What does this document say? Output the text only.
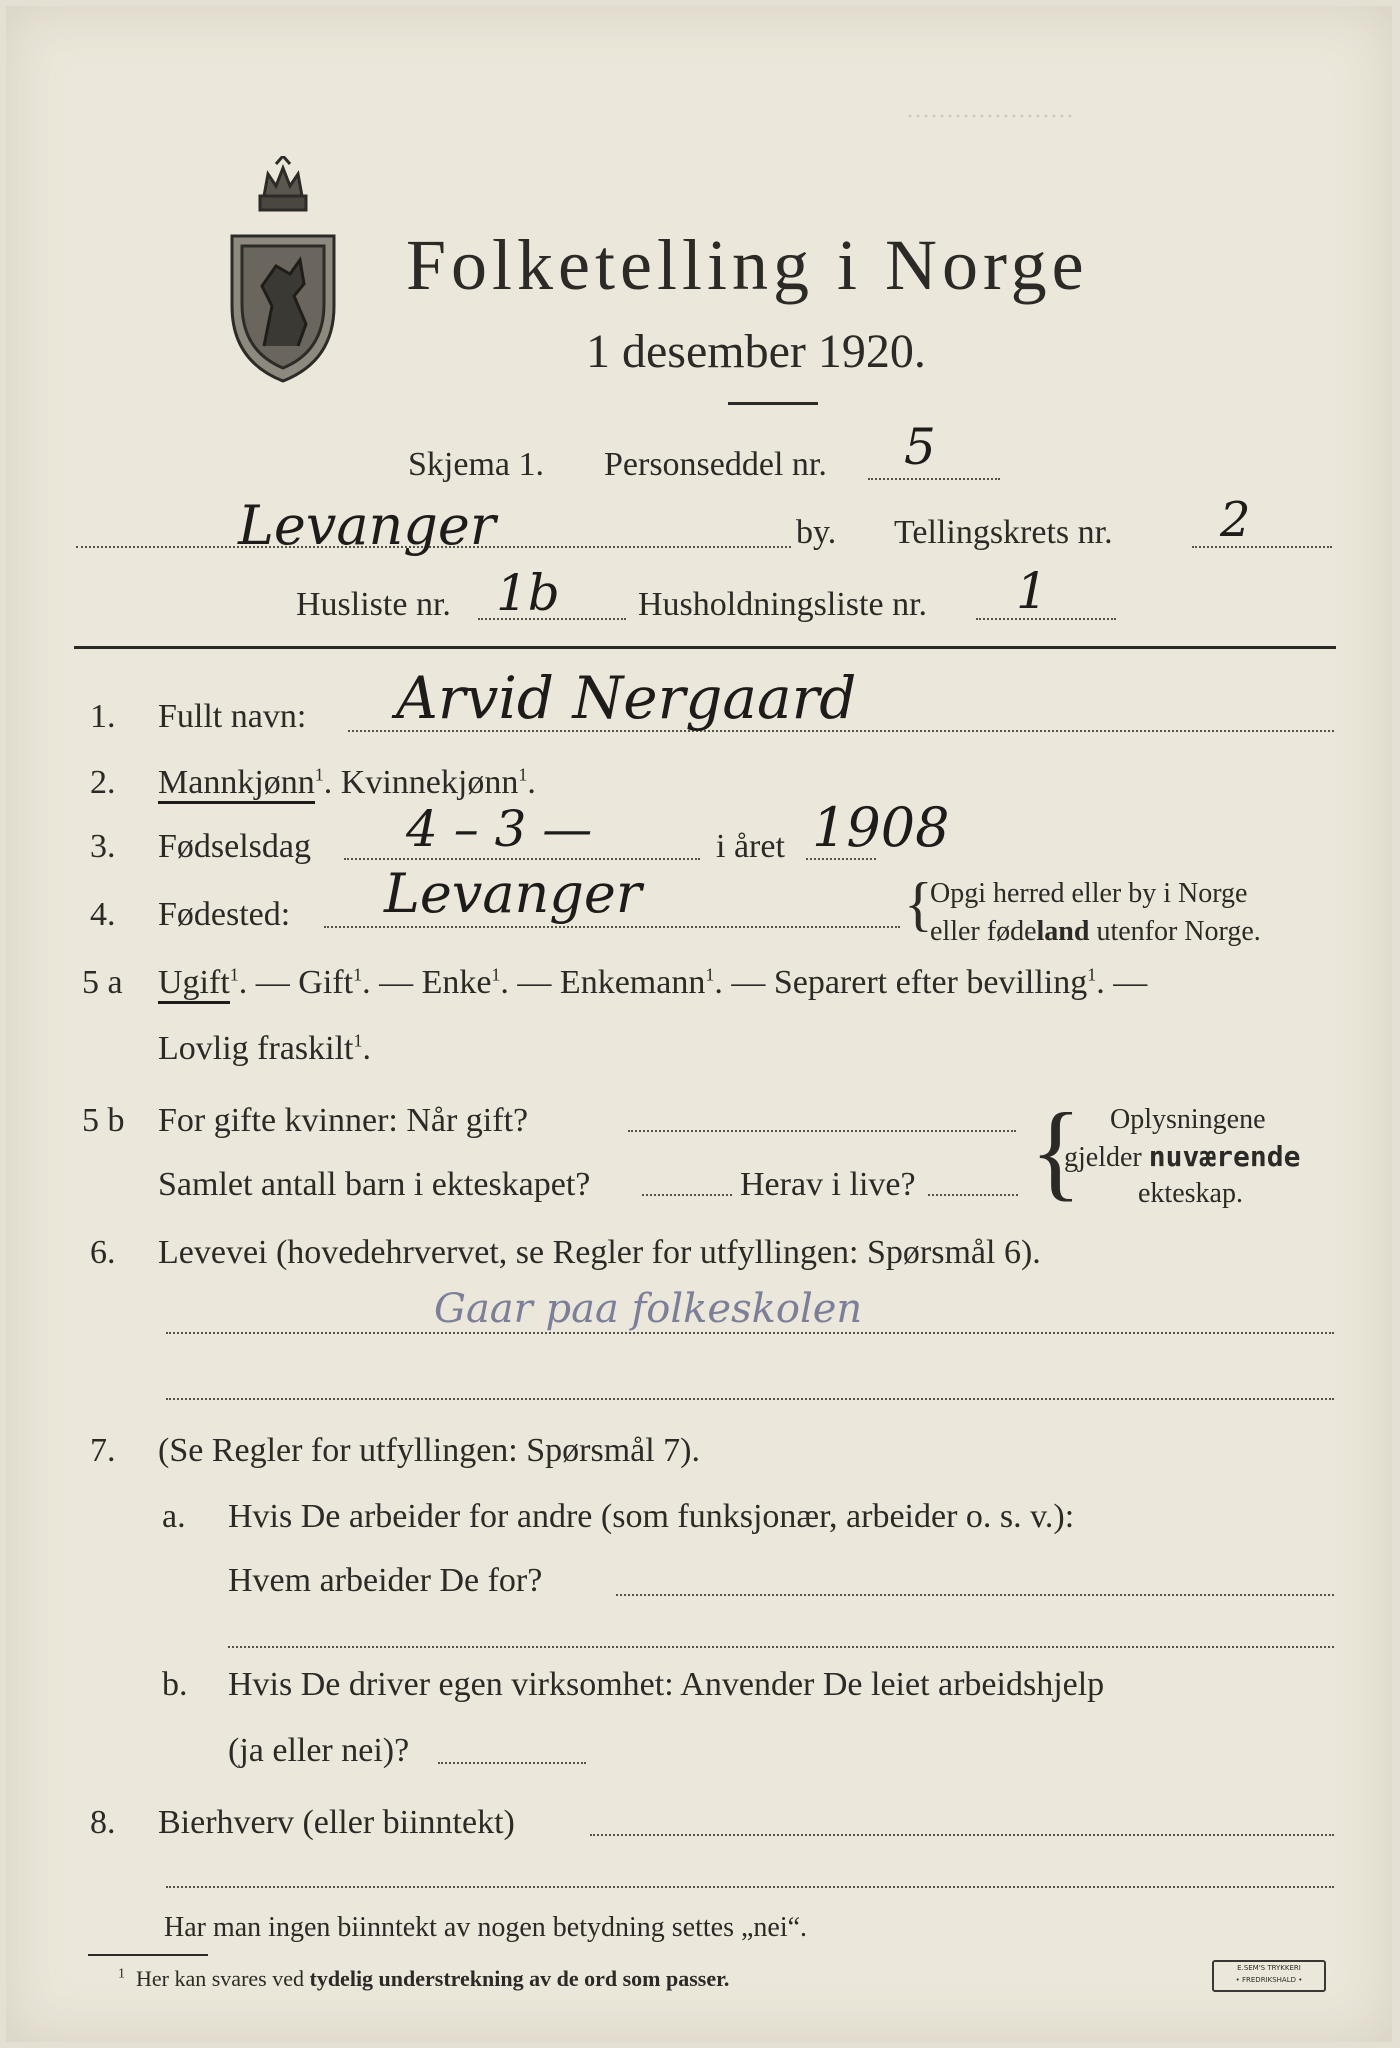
·····················
Folketelling i Norge
1 desember 1920.
Skjema 1. Personseddel nr. 5
Levanger	by. Tellingskrets nr. 2
Husliste nr. 1b Husholdningsliste nr. 1
1. Fullt navn: Arvid Nergaard
2. Mannkjønn$^1$. Kvinnekjønn$^1$.
3. Fødselsdag 4 – 3 —	i året 1908
4. Fødested: Levanger	{
Opgi herred eller by i Norge
eller fødeland utenfor Norge.
5 a Ugift$^1$. — Gift$^1$. — Enke$^1$. — Enkemann$^1$. — Separert efter bevilling$^1$. —
Lovlig fraskilt$^1$.
5 b For gifte kvinner: Når gift?
Samlet antall barn i ekteskapet?	Herav i live? { Oplysningene
gjelder nuværende
ekteskap.
6. Levevei (hovedehrvervet, se Regler for utfyllingen: Spørsmål 6).
Gaar paa folkeskolen
7. (Se Regler for utfyllingen: Spørsmål 7).
a. Hvis De arbeider for andre (som funksjonær, arbeider o. s. v.):
Hvem arbeider De for?
b. Hvis De driver egen virksomhet: Anvender De leiet arbeidshjelp
(ja eller nei)?
8. Bierhverv (eller biinntekt)
Har man ingen biinntekt av nogen betydning settes „nei“.
$^1$ Her kan svares ved tydelig understrekning av de ord som passer.	E.SEM'S TRYKKERI
• FREDRIKSHALD •
